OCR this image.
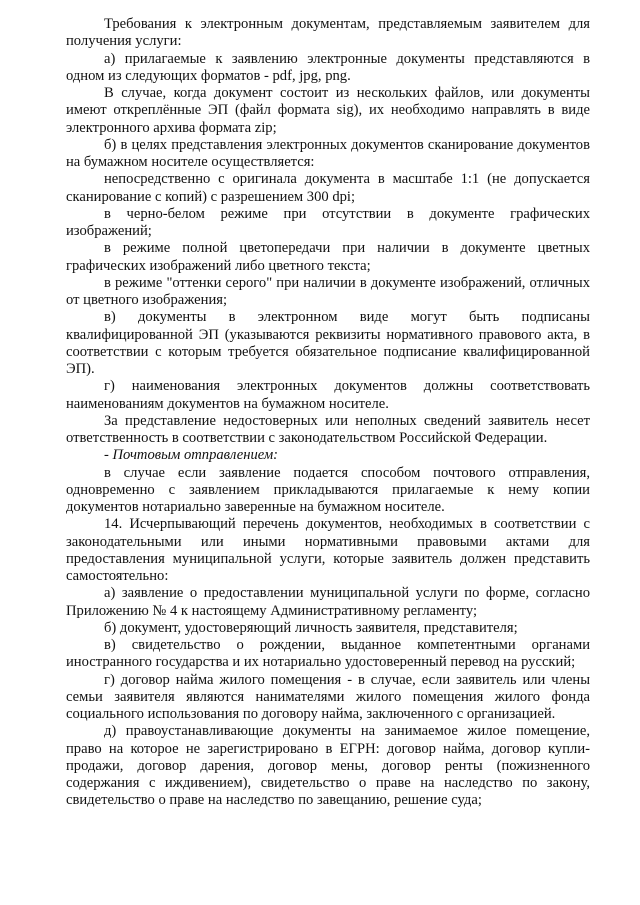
Требования к электронным документам, представляемым заявителем для получения услуги:

а) прилагаемые к заявлению электронные документы представляются в одном из следующих форматов - pdf, jpg, png.

В случае, когда документ состоит из нескольких файлов, или документы имеют откреплённые ЭП (файл формата sig), их необходимо направлять в виде электронного архива формата zip;

б) в целях представления электронных документов сканирование документов на бумажном носителе осуществляется:

непосредственно с оригинала документа в масштабе 1:1 (не допускается сканирование с копий) с разрешением 300 dpi;

в черно-белом режиме при отсутствии в документе графических изображений;

в режиме полной цветопередачи при наличии в документе цветных графических изображений либо цветного текста;

в режиме "оттенки серого" при наличии в документе изображений, отличных от цветного изображения;

в) документы в электронном виде могут быть подписаны квалифицированной ЭП (указываются реквизиты нормативного правового акта, в соответствии с которым требуется обязательное подписание квалифицированной ЭП).

г) наименования электронных документов должны соответствовать наименованиям документов на бумажном носителе.

За представление недостоверных или неполных сведений заявитель несет ответственность в соответствии с законодательством Российской Федерации.

- Почтовым отправлением:

в случае если заявление подается способом почтового отправления, одновременно с заявлением прикладываются прилагаемые к нему копии документов нотариально заверенные на бумажном носителе.

14. Исчерпывающий перечень документов, необходимых в соответствии с законодательными или иными нормативными правовыми актами для предоставления муниципальной услуги, которые заявитель должен представить самостоятельно:

а) заявление о предоставлении муниципальной услуги по форме, согласно Приложению № 4 к настоящему Административному регламенту;

б) документ, удостоверяющий личность заявителя, представителя;

в) свидетельство о рождении, выданное компетентными органами иностранного государства и их нотариально удостоверенный перевод на русский;

г) договор найма жилого помещения - в случае, если заявитель или члены семьи заявителя являются нанимателями жилого помещения жилого фонда социального использования по договору найма, заключенного с организацией.

д) правоустанавливающие документы на занимаемое жилое помещение, право на которое не зарегистрировано в ЕГРН: договор найма, договор купли-продажи, договор дарения, договор мены, договор ренты (пожизненного содержания с иждивением), свидетельство о праве на наследство по закону, свидетельство о праве на наследство по завещанию, решение суда;
